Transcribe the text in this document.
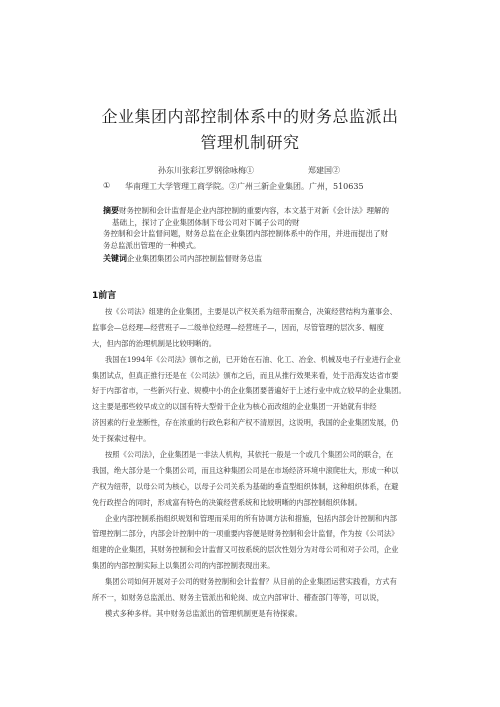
企业集团内部控制体系中的财务总监派出
管理机制研究
孙东川张彩江罗钢徐咏梅①	郑建国②
① 华南理工大学管理工商学院。②广州三新企业集团。广州，510635
摘要财务控制和会计监督是企业内部控制的重要内容，本文基于对新《会计法》理解的
基础上，探讨了企业集团体制下母公司对下属子公司的财
务控制和会计监督问题，财务总监在企业集团内部控制体系中的作用，并进而提出了财
务总监派出管理的一种模式。
关键词企业集团集团公司内部控制监督财务总监
1前言
按《公司法》组建的企业集团，主要是以产权关系为纽带而聚合，决策经营结构为董事会、
监事会—总经理—经营班子—二级单位经理—经营班子—，因而，尽管管理的层次多、幅度
大，但内部的治理机制是比较明晰的。
我国在1994年《公司法》颁布之前，已开始在石油、化工、冶金、机械及电子行业进行企业
集团试点，但真正推行还是在《公司法》颁布之后，而且从推行效果来看，处于沿海发达省市要
好于内部省市，一些新兴行业、规模中小的企业集团要普遍好于上述行业中成立较早的企业集团。
这主要是那些较早成立的以国有特大型骨干企业为核心而改组的企业集团一开始就有非经
济因素的行业垄断性，存在浓重的行政色彩和产权不清原因，这说明，我国的企业集团发展，仍
处于探索过程中。
按照《公司法》，企业集团是一非法人机构，其依托一般是一个或几个集团公司的联合，在
我国，绝大部分是一个集团公司，而且这种集团公司是在市场经济环境中滚爬壮大，形成一种以
产权为纽带，以母公司为核心，以母子公司关系为基础的垂直型组织体制，这种组织体系，在避
免行政捏合的同时，形成富有特色的决策经营系统和比较明晰的内部控制组织体制。
企业内部控制系指组织规划和管理而采用的所有协调方法和措施，包括内部会计控制和内部
管理控制二部分，内部会计控制中的一项重要内容便是财务控制和会计监督，作为按《公司法》
组建的企业集团，其财务控制和会计监督又可按系统的层次性划分为对母公司和对子公司，企业
集团的内部控制实际上以集团公司的内部控制表现出来。
集团公司如何开展对子公司的财务控制和会计监督？从目前的企业集团运营实践看，方式有
所不一，如财务总监派出、财务主管派出和轮岗、成立内部审计、稽查部门等等，可以说，
模式多种多样。其中财务总监派出的管理机制更是有待探索。
